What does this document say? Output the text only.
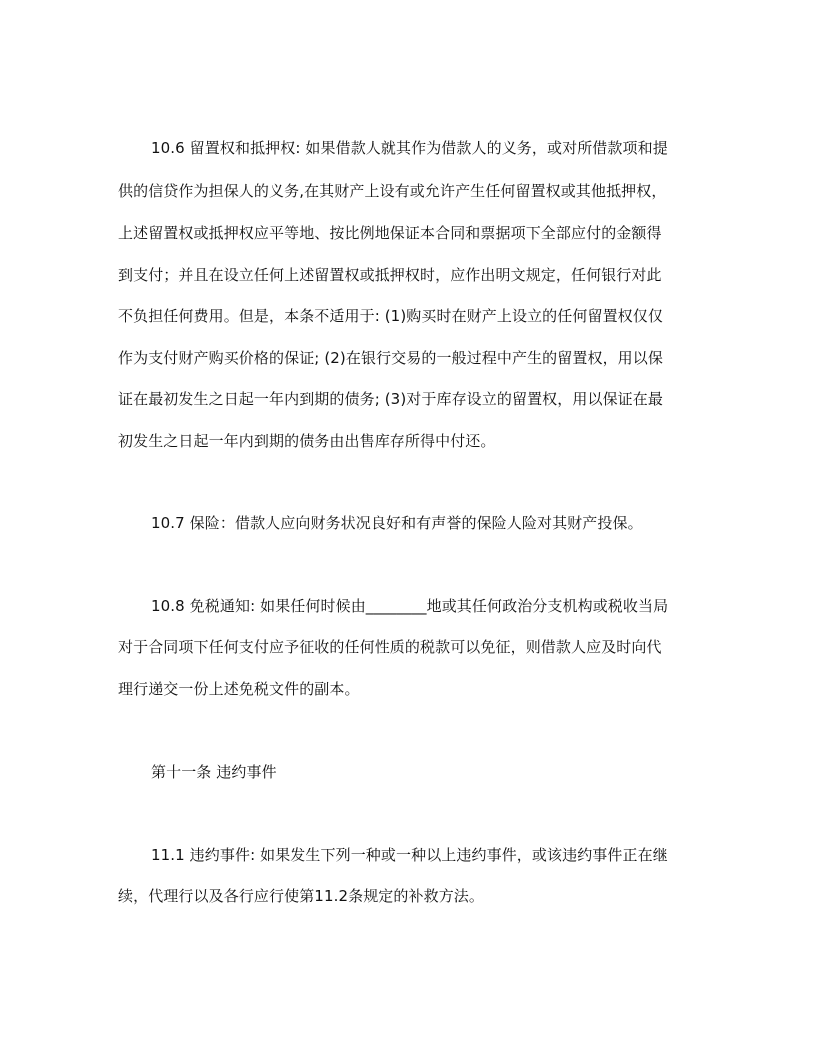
10.6 留置权和抵押权: 如果借款人就其作为借款人的义务，或对所借款项和提
供的信贷作为担保人的义务,在其财产上设有或允许产生任何留置权或其他抵押权，
上述留置权或抵押权应平等地、按比例地保证本合同和票据项下全部应付的金额得
到支付；并且在设立任何上述留置权或抵押权时，应作出明文规定，任何银行对此
不负担任何费用。但是，本条不适用于: (1)购买时在财产上设立的任何留置权仅仅
作为支付财产购买价格的保证; (2)在银行交易的一般过程中产生的留置权，用以保
证在最初发生之日起一年内到期的债务; (3)对于库存设立的留置权，用以保证在最
初发生之日起一年内到期的债务由出售库存所得中付还。
10.7 保险：借款人应向财务状况良好和有声誉的保险人险对其财产投保。
10.8 免税通知: 如果任何时候由________地或其任何政治分支机构或税收当局
对于合同项下任何支付应予征收的任何性质的税款可以免征，则借款人应及时向代
理行递交一份上述免税文件的副本。
第十一条 违约事件
11.1 违约事件: 如果发生下列一种或一种以上违约事件，或该违约事件正在继
续，代理行以及各行应行使第11.2条规定的补救方法。
